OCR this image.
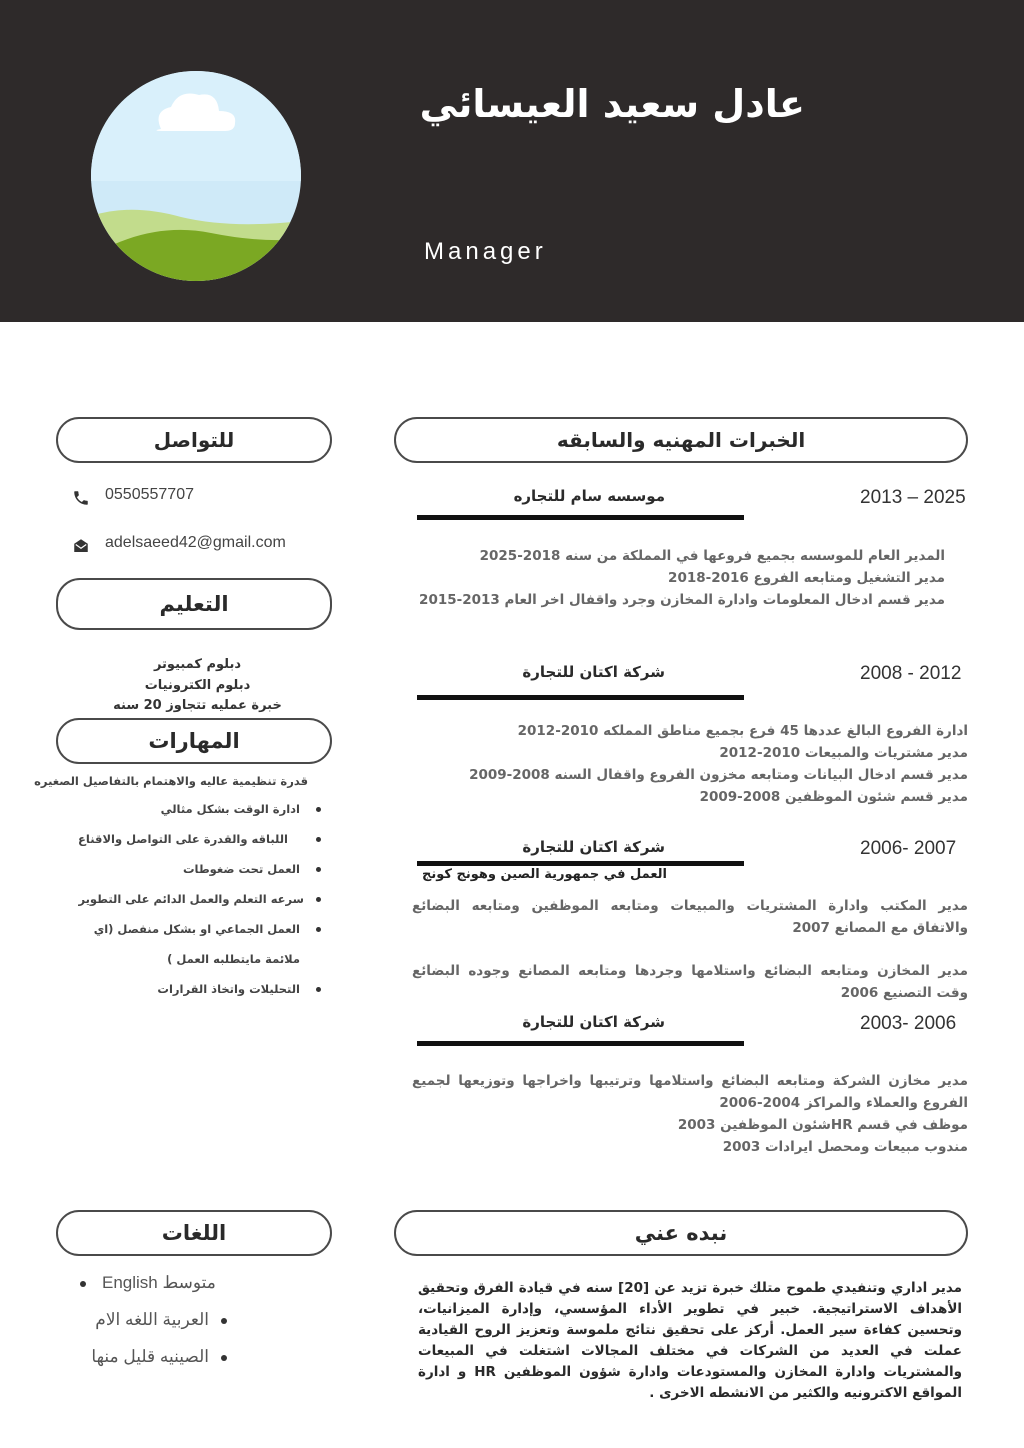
عادل سعيد العيسائي
Manager
الخبرات المهنيه والسابقه
للتواصل
التعليم
المهارات
اللغات	نبده عني
0550557707
adelsaeed42@gmail.com
دبلوم كمبيوتر
دبلوم الكترونيات
خبرة عمليه تتجاوز 20 سنه
قدرة تنظيمية عاليه والاهتمام بالتفاصيل الصغيره
ادارة الوقت بشكل مثالي
اللباقه والقدرة على التواصل والاقناع
العمل تحت ضغوطات
سرعه التعلم والعمل الدائم على التطوير
العمل الجماعي او بشكل منفصل (اي
ملائمة مايتطلبه العمل )
التحليلات واتخاذ القرارات
English متوسط
العربية اللغه الام
الصينيه قليل منها
2013 – 2025
موسسه سام للتجاره
المدير العام للموسسه بجميع فروعها في المملكة من سنه 2018-2025
مدير التشغيل ومتابعه الفروع 2016-2018
مدير قسم ادخال المعلومات وادارة المخازن وجرد واقفال اخر العام 2013-2015
2008 - 2012
شركة اكتان للتجارة
ادارة الفروع البالغ عددها 45 فرع بجميع مناطق المملكه 2010-2012
مدير مشتريات والمبيعات 2010-2012
مدير قسم ادخال البيانات ومتابعه مخزون الفروع واقفال السنه 2008-2009
مدير قسم شئون الموظفين 2008-2009
2006- 2007
شركة اكتان للتجارة
العمل في جمهورية الصين وهونج كونج
مدير المكتب وادارة المشتريات والمبيعات ومتابعه الموظفين ومتابعه البضائع والاتفاق مع المصانع 2007
مدير المخازن ومتابعه البضائع واستلامها وجردها ومتابعه المصانع وجوده البضائع وقت التصنيع 2006
2003- 2006
شركة اكتان للتجارة
مدير مخازن الشركة ومتابعه البضائع واستلامها وترتيبها واخراجها وتوزيعها لجميع الفروع والعملاء والمراكز 2004-2006
موظف في قسم HRشئون الموظفين 2003
مندوب مبيعات ومحصل ايرادات 2003
مدير اداري وتنفيدي طموح متلك خبرة تزيد عن [20] سنه في قيادة الفرق وتحقيق الأهداف الاستراتيجية. خبير في تطوير الأداء المؤسسي، وإدارة الميزانيات، وتحسين كفاءة سير العمل. أركز على تحقيق نتائج ملموسة وتعزيز الروح القيادية عملت في العديد من الشركات في مختلف المجالات اشتغلت في المبيعات والمشتريات وادارة المخازن والمستودعات وادارة شؤون الموظفين HR و ادارة المواقع الاكترونيه والكثير من الانشطه الاخرى .
